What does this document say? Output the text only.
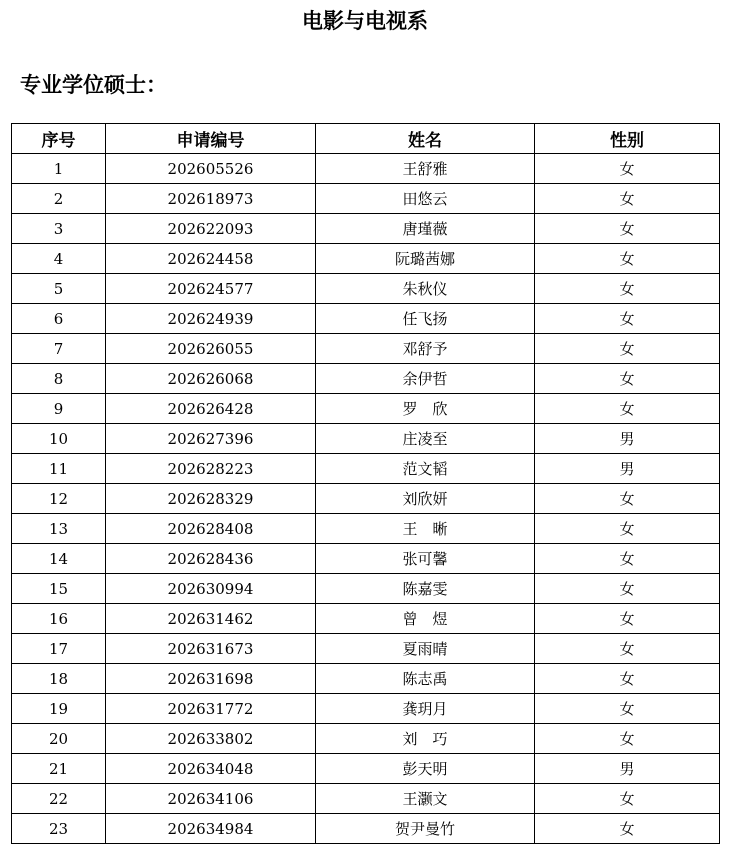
电影与电视系
专业学位硕士：
序号	申请编号	姓名	性别
1	202605526	王舒雅	女
2	202618973	田悠云	女
3	202622093	唐瑾薇	女
4	202624458	阮璐茜娜	女
5	202624577	朱秋仪	女
6	202624939	任飞扬	女
7	202626055	邓舒予	女
8	202626068	余伊哲	女
9	202626428	罗　欣	女
10	202627396	庄凌至	男
11	202628223	范文韬	男
12	202628329	刘欣妍	女
13	202628408	王　晰	女
14	202628436	张可馨	女
15	202630994	陈嘉雯	女
16	202631462	曾　煜	女
17	202631673	夏雨晴	女
18	202631698	陈志禹	女
19	202631772	龚玥月	女
20	202633802	刘　巧	女
21	202634048	彭天明	男
22	202634106	王灏文	女
23	202634984	贺尹曼竹	女
